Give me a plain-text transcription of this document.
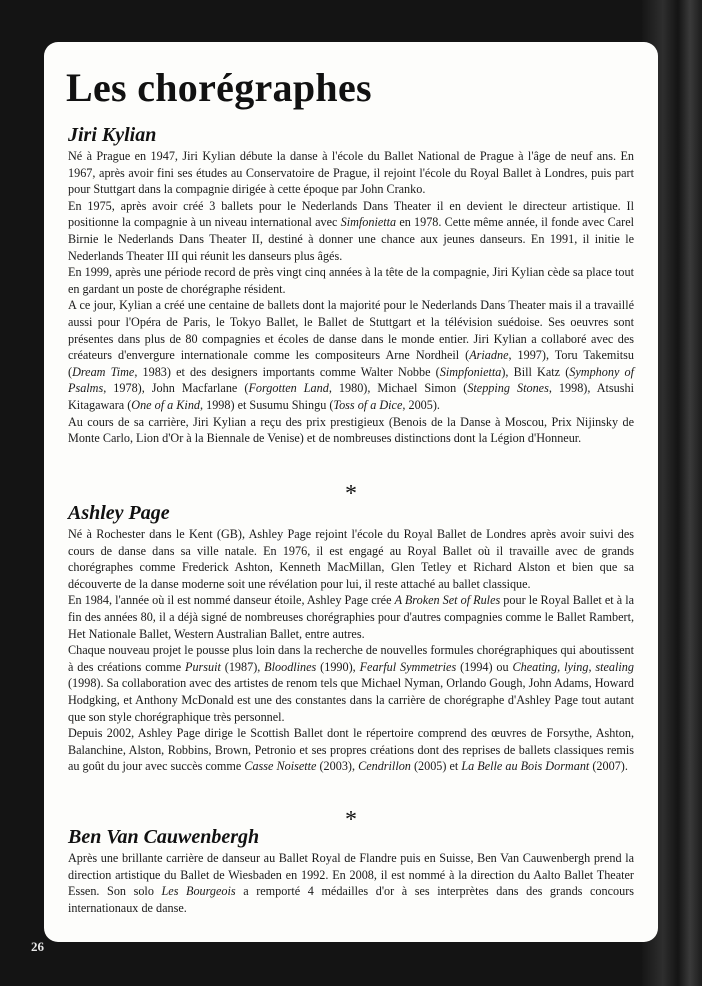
Les chorégraphes
Jiri Kylian

Né à Prague en 1947, Jiri Kylian débute la danse à l'école du Ballet National de Prague à l'âge de neuf ans. En 1967, après avoir fini ses études au Conservatoire de Prague, il rejoint l'école du Royal Ballet à Londres, puis part pour Stuttgart dans la compagnie dirigée à cette époque par John Cranko.

En 1975, après avoir créé 3 ballets pour le Nederlands Dans Theater il en devient le directeur artistique. Il positionne la compagnie à un niveau international avec Simfonietta en 1978. Cette même année, il fonde avec Carel Birnie le Nederlands Dans Theater II, destiné à donner une chance aux jeunes danseurs. En 1991, il initie le Nederlands Theater III qui réunit les danseurs plus âgés.

En 1999, après une période record de près vingt cinq années à la tête de la compagnie, Jiri Kylian cède sa place tout en gardant un poste de chorégraphe résident.

A ce jour, Kylian a créé une centaine de ballets dont la majorité pour le Nederlands Dans Theater mais il a travaillé aussi pour l'Opéra de Paris, le Tokyo Ballet, le Ballet de Stuttgart et la télévision suédoise. Ses oeuvres sont présentes dans plus de 80 compagnies et écoles de danse dans le monde entier. Jiri Kylian a collaboré avec des créateurs d'envergure internationale comme les compositeurs Arne Nordheil (Ariadne, 1997), Toru Takemitsu (Dream Time, 1983) et des designers importants comme Walter Nobbe (Simpfonietta), Bill Katz (Symphony of Psalms, 1978), John Macfarlane (Forgotten Land, 1980), Michael Simon (Stepping Stones, 1998), Atsushi Kitagawara (One of a Kind, 1998) et Susumu Shingu (Toss of a Dice, 2005).

Au cours de sa carrière, Jiri Kylian a reçu des prix prestigieux (Benois de la Danse à Moscou, Prix Nijinsky de Monte Carlo, Lion d'Or à la Biennale de Venise) et de nombreuses distinctions dont la Légion d'Honneur.

*
Ashley Page

Né à Rochester dans le Kent (GB), Ashley Page rejoint l'école du Royal Ballet de Londres après avoir suivi des cours de danse dans sa ville natale. En 1976, il est engagé au Royal Ballet où il travaille avec de grands chorégraphes comme Frederick Ashton, Kenneth MacMillan, Glen Tetley et Richard Alston et bien que sa découverte de la danse moderne soit une révélation pour lui, il reste attaché au ballet classique.

En 1984, l'année où il est nommé danseur étoile, Ashley Page crée A Broken Set of Rules pour le Royal Ballet et à la fin des années 80, il a déjà signé de nombreuses chorégraphies pour d'autres compagnies comme le Ballet Rambert, Het Nationale Ballet, Western Australian Ballet, entre autres.

Chaque nouveau projet le pousse plus loin dans la recherche de nouvelles formules chorégraphiques qui aboutissent à des créations comme Pursuit (1987), Bloodlines (1990), Fearful Symmetries (1994) ou Cheating, lying, stealing (1998). Sa collaboration avec des artistes de renom tels que Michael Nyman, Orlando Gough, John Adams, Howard Hodgking, et Anthony McDonald est une des constantes dans la carrière de chorégraphe d'Ashley Page tout autant que son style chorégraphique très personnel.

Depuis 2002, Ashley Page dirige le Scottish Ballet dont le répertoire comprend des œuvres de Forsythe, Ashton, Balanchine, Alston, Robbins, Brown, Petronio et ses propres créations dont des reprises de ballets classiques remis au goût du jour avec succès comme Casse Noisette (2003), Cendrillon (2005) et La Belle au Bois Dormant (2007).

*
Ben Van Cauwenbergh

Après une brillante carrière de danseur au Ballet Royal de Flandre puis en Suisse, Ben Van Cauwenbergh prend la direction artistique du Ballet de Wiesbaden en 1992. En 2008, il est nommé à la direction du Aalto Ballet Theater Essen. Son solo Les Bourgeois a remporté 4 médailles d'or à ses interprètes dans des grands concours internationaux de danse.

26
